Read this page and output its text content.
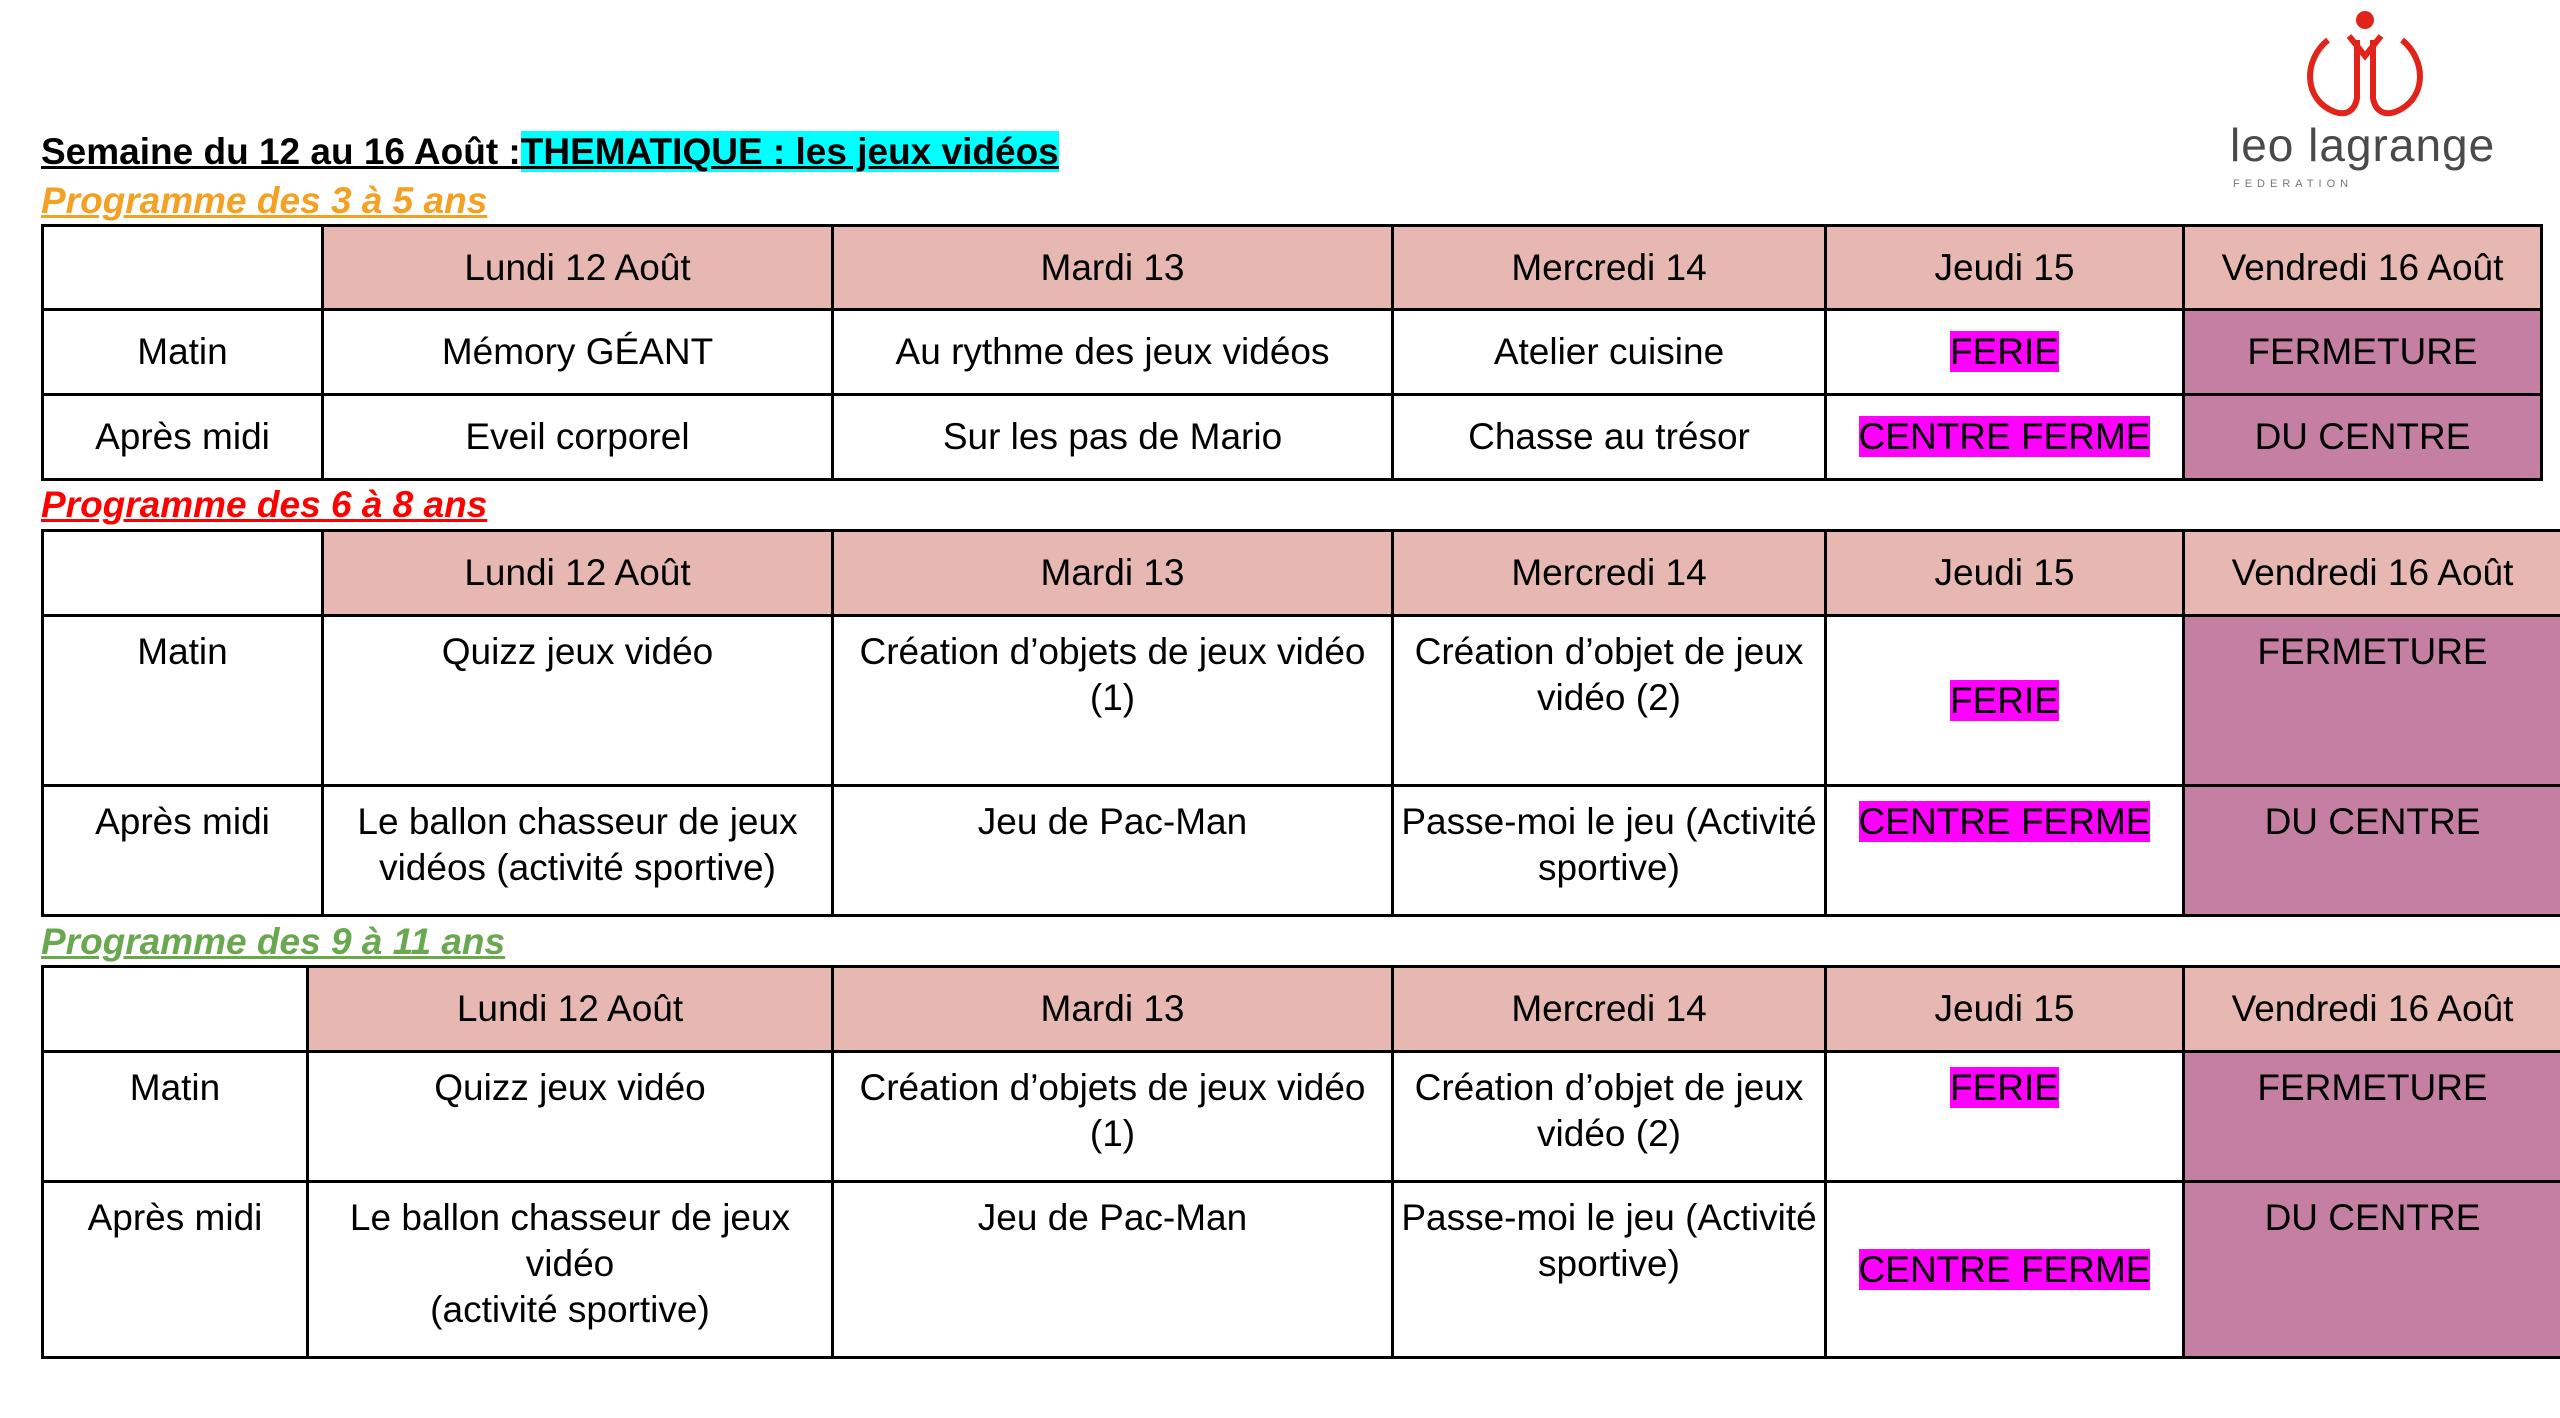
Semaine du 12 au 16 Août :THEMATIQUE : les jeux vidéos	leo lagrange
FEDERATION
Programme des 3 à 5 ans
	Lundi 12 Août	Mardi 13	Mercredi 14	Jeudi 15	Vendredi 16 Août
Matin	Mémory GÉANT	Au rythme des jeux vidéos	Atelier cuisine	FERIE	FERMETURE
Après midi	Eveil corporel	Sur les pas de Mario	Chasse au trésor	CENTRE FERME	DU CENTRE
Programme des 6 à 8 ans
	Lundi 12 Août	Mardi 13	Mercredi 14	Jeudi 15	Vendredi 16 Août
Matin	Quizz jeux vidéo	Création d’objets de jeux vidéo (1)	Création d’objet de jeux vidéo (2)	FERIE	FERMETURE
Après midi	Le ballon chasseur de jeux vidéos (activité sportive)	Jeu de Pac-Man	Passe-moi le jeu (Activité sportive)	CENTRE FERME	DU CENTRE
Programme des 9 à 11 ans
	Lundi 12 Août	Mardi 13	Mercredi 14	Jeudi 15	Vendredi 16 Août
Matin	Quizz jeux vidéo	Création d’objets de jeux vidéo (1)	Création d’objet de jeux vidéo (2)	FERIE	FERMETURE
Après midi	Le ballon chasseur de jeux vidéo
(activité sportive)	Jeu de Pac-Man	Passe-moi le jeu (Activité sportive)	CENTRE FERME	DU CENTRE
